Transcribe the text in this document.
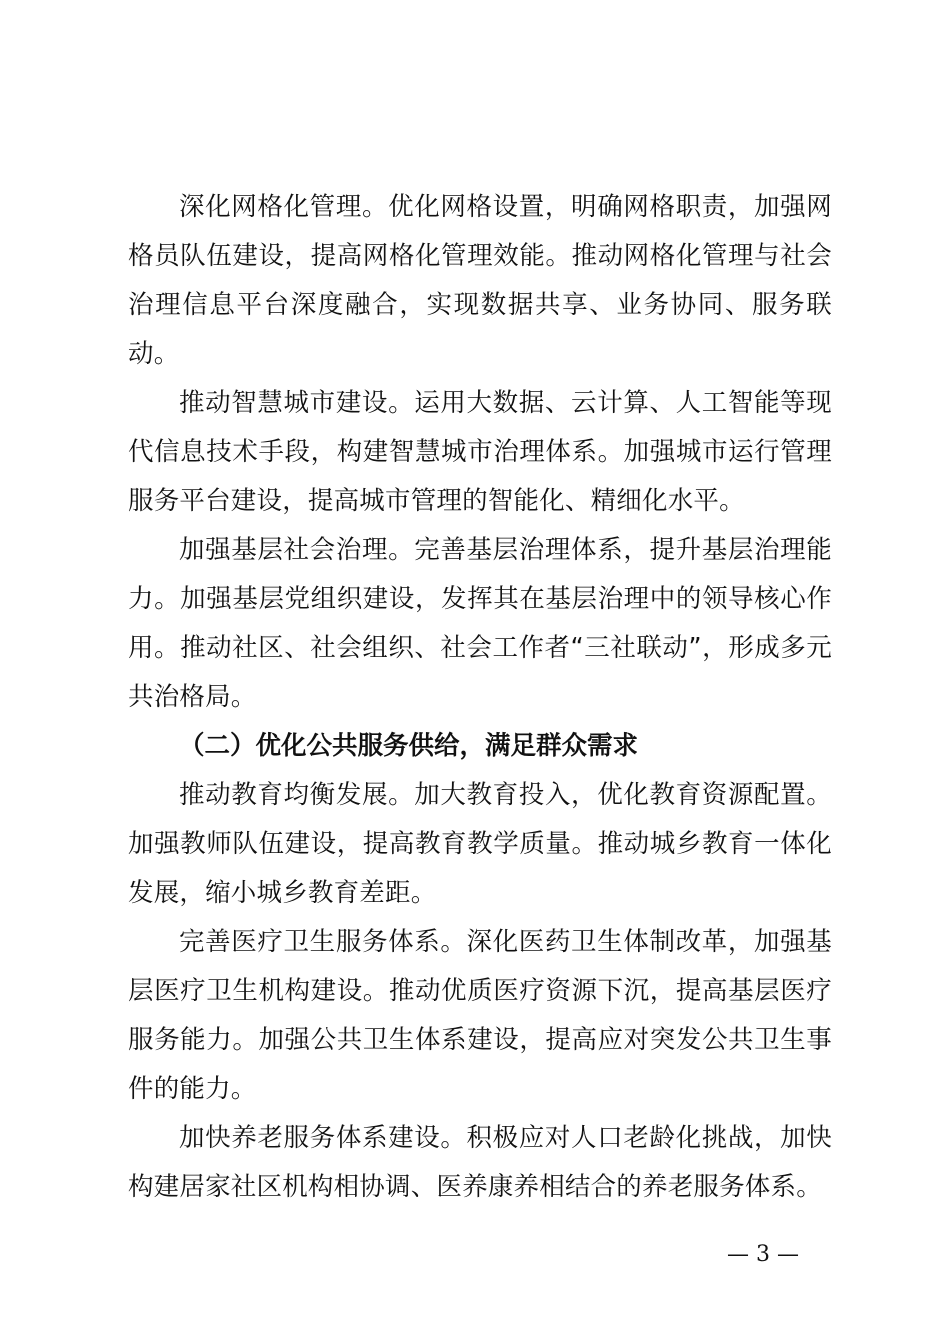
深化网格化管理。优化网格设置，明确网格职责，加强网格员队伍建设，提高网格化管理效能。推动网格化管理与社会治理信息平台深度融合，实现数据共享、业务协同、服务联动。

推动智慧城市建设。运用大数据、云计算、人工智能等现代信息技术手段，构建智慧城市治理体系。加强城市运行管理服务平台建设，提高城市管理的智能化、精细化水平。

加强基层社会治理。完善基层治理体系，提升基层治理能力。加强基层党组织建设，发挥其在基层治理中的领导核心作用。推动社区、社会组织、社会工作者“三社联动”，形成多元共治格局。

（二）优化公共服务供给，满足群众需求

推动教育均衡发展。加大教育投入，优化教育资源配置。加强教师队伍建设，提高教育教学质量。推动城乡教育一体化发展，缩小城乡教育差距。

完善医疗卫生服务体系。深化医药卫生体制改革，加强基层医疗卫生机构建设。推动优质医疗资源下沉，提高基层医疗服务能力。加强公共卫生体系建设，提高应对突发公共卫生事件的能力。

加快养老服务体系建设。积极应对人口老龄化挑战，加快构建居家社区机构相协调、医养康养相结合的养老服务体系。

— 3 —
